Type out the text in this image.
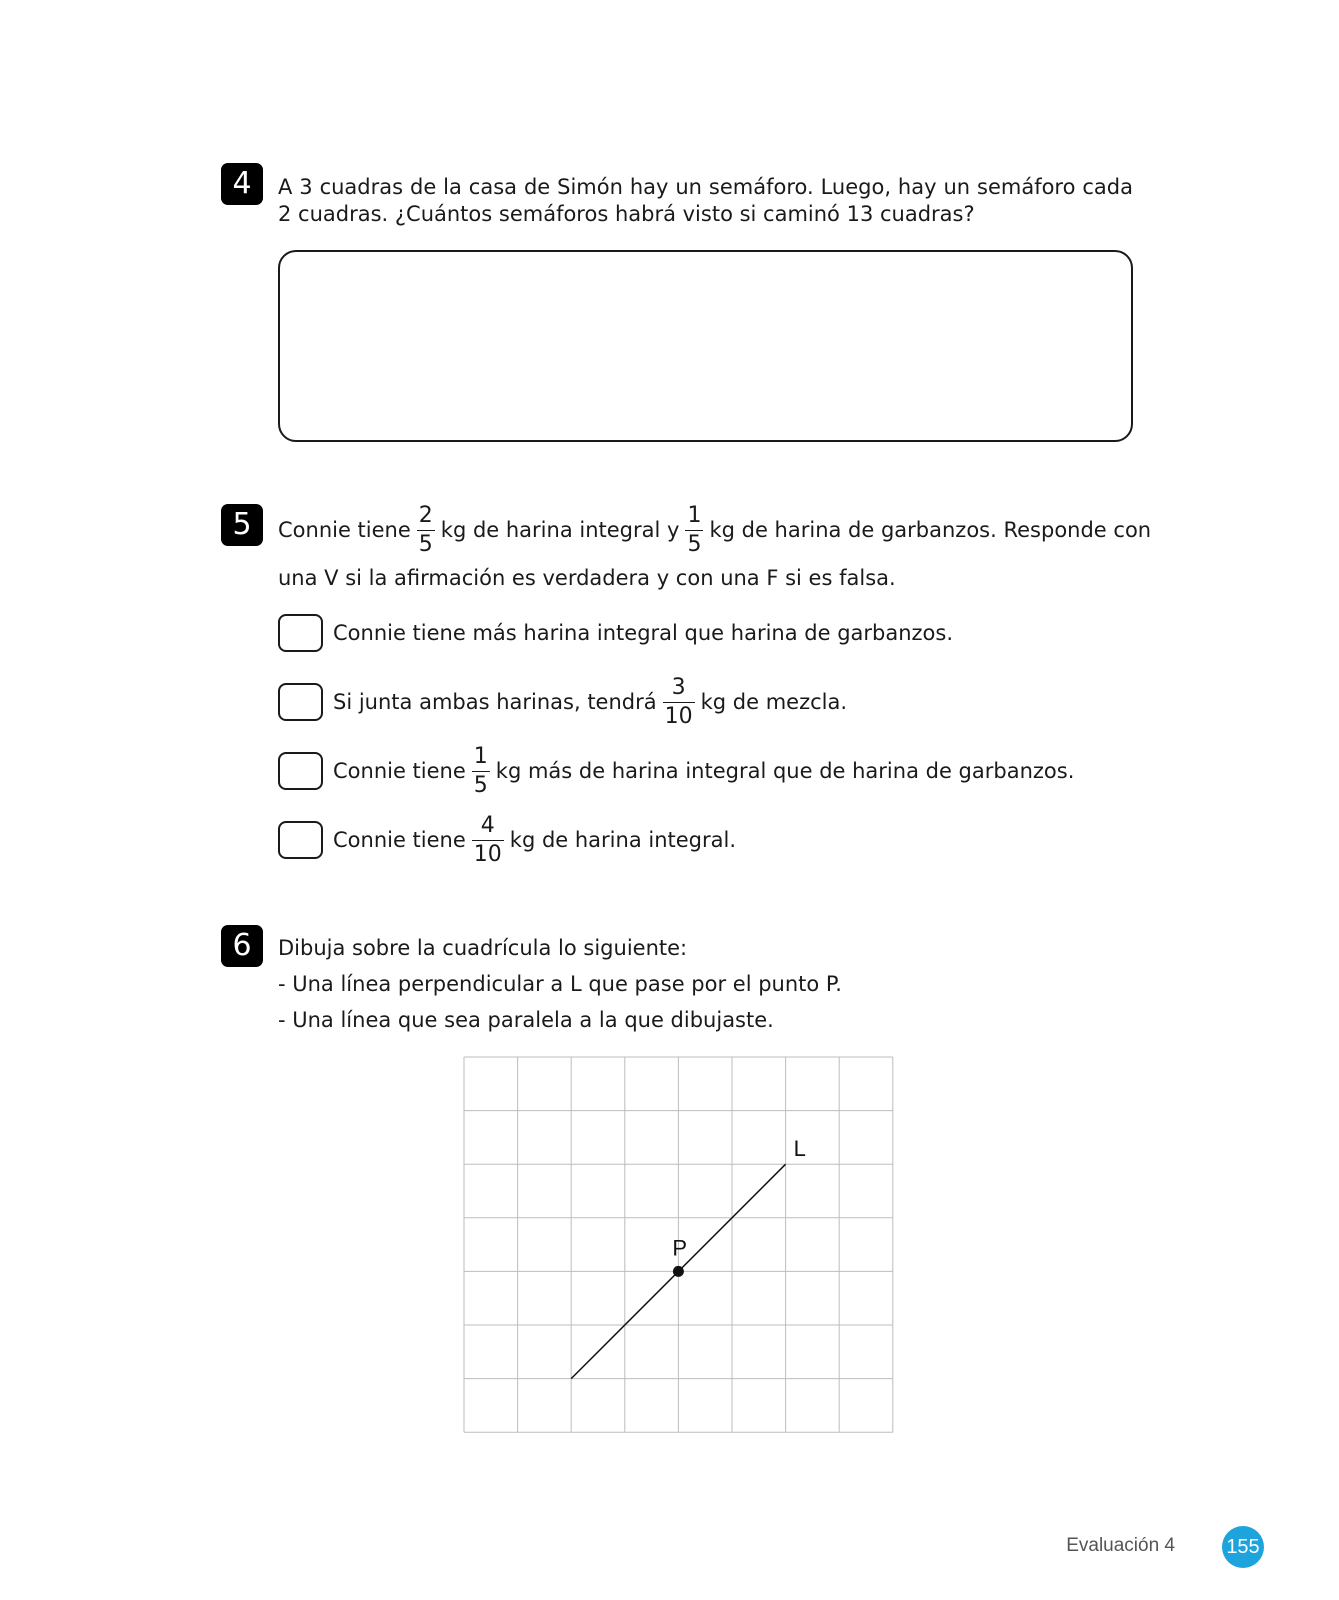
4	A 3 cuadras de la casa de Simón hay un semáforo. Luego, hay un semáforo cada 2 cuadras. ¿Cuántos semáforos habrá visto si caminó 13 cuadras?
5	Connie tiene $\frac{2}{5}$ kg de harina integral y $\frac{1}{5}$ kg de harina de garbanzos. Responde con
una V si la afirmación es verdadera y con una F si es falsa.
Connie tiene más harina integral que harina de garbanzos.
Si junta ambas harinas, tendrá $\frac{3}{10}$ kg de mezcla.
Connie tiene $\frac{1}{5}$ kg más de harina integral que de harina de garbanzos.
Connie tiene $\frac{4}{10}$ kg de harina integral.
6	Dibuja sobre la cuadrícula lo siguiente:
- Una línea perpendicular a L que pase por el punto P.
- Una línea que sea paralela a la que dibujaste.
L
P
Evaluación 4	155
